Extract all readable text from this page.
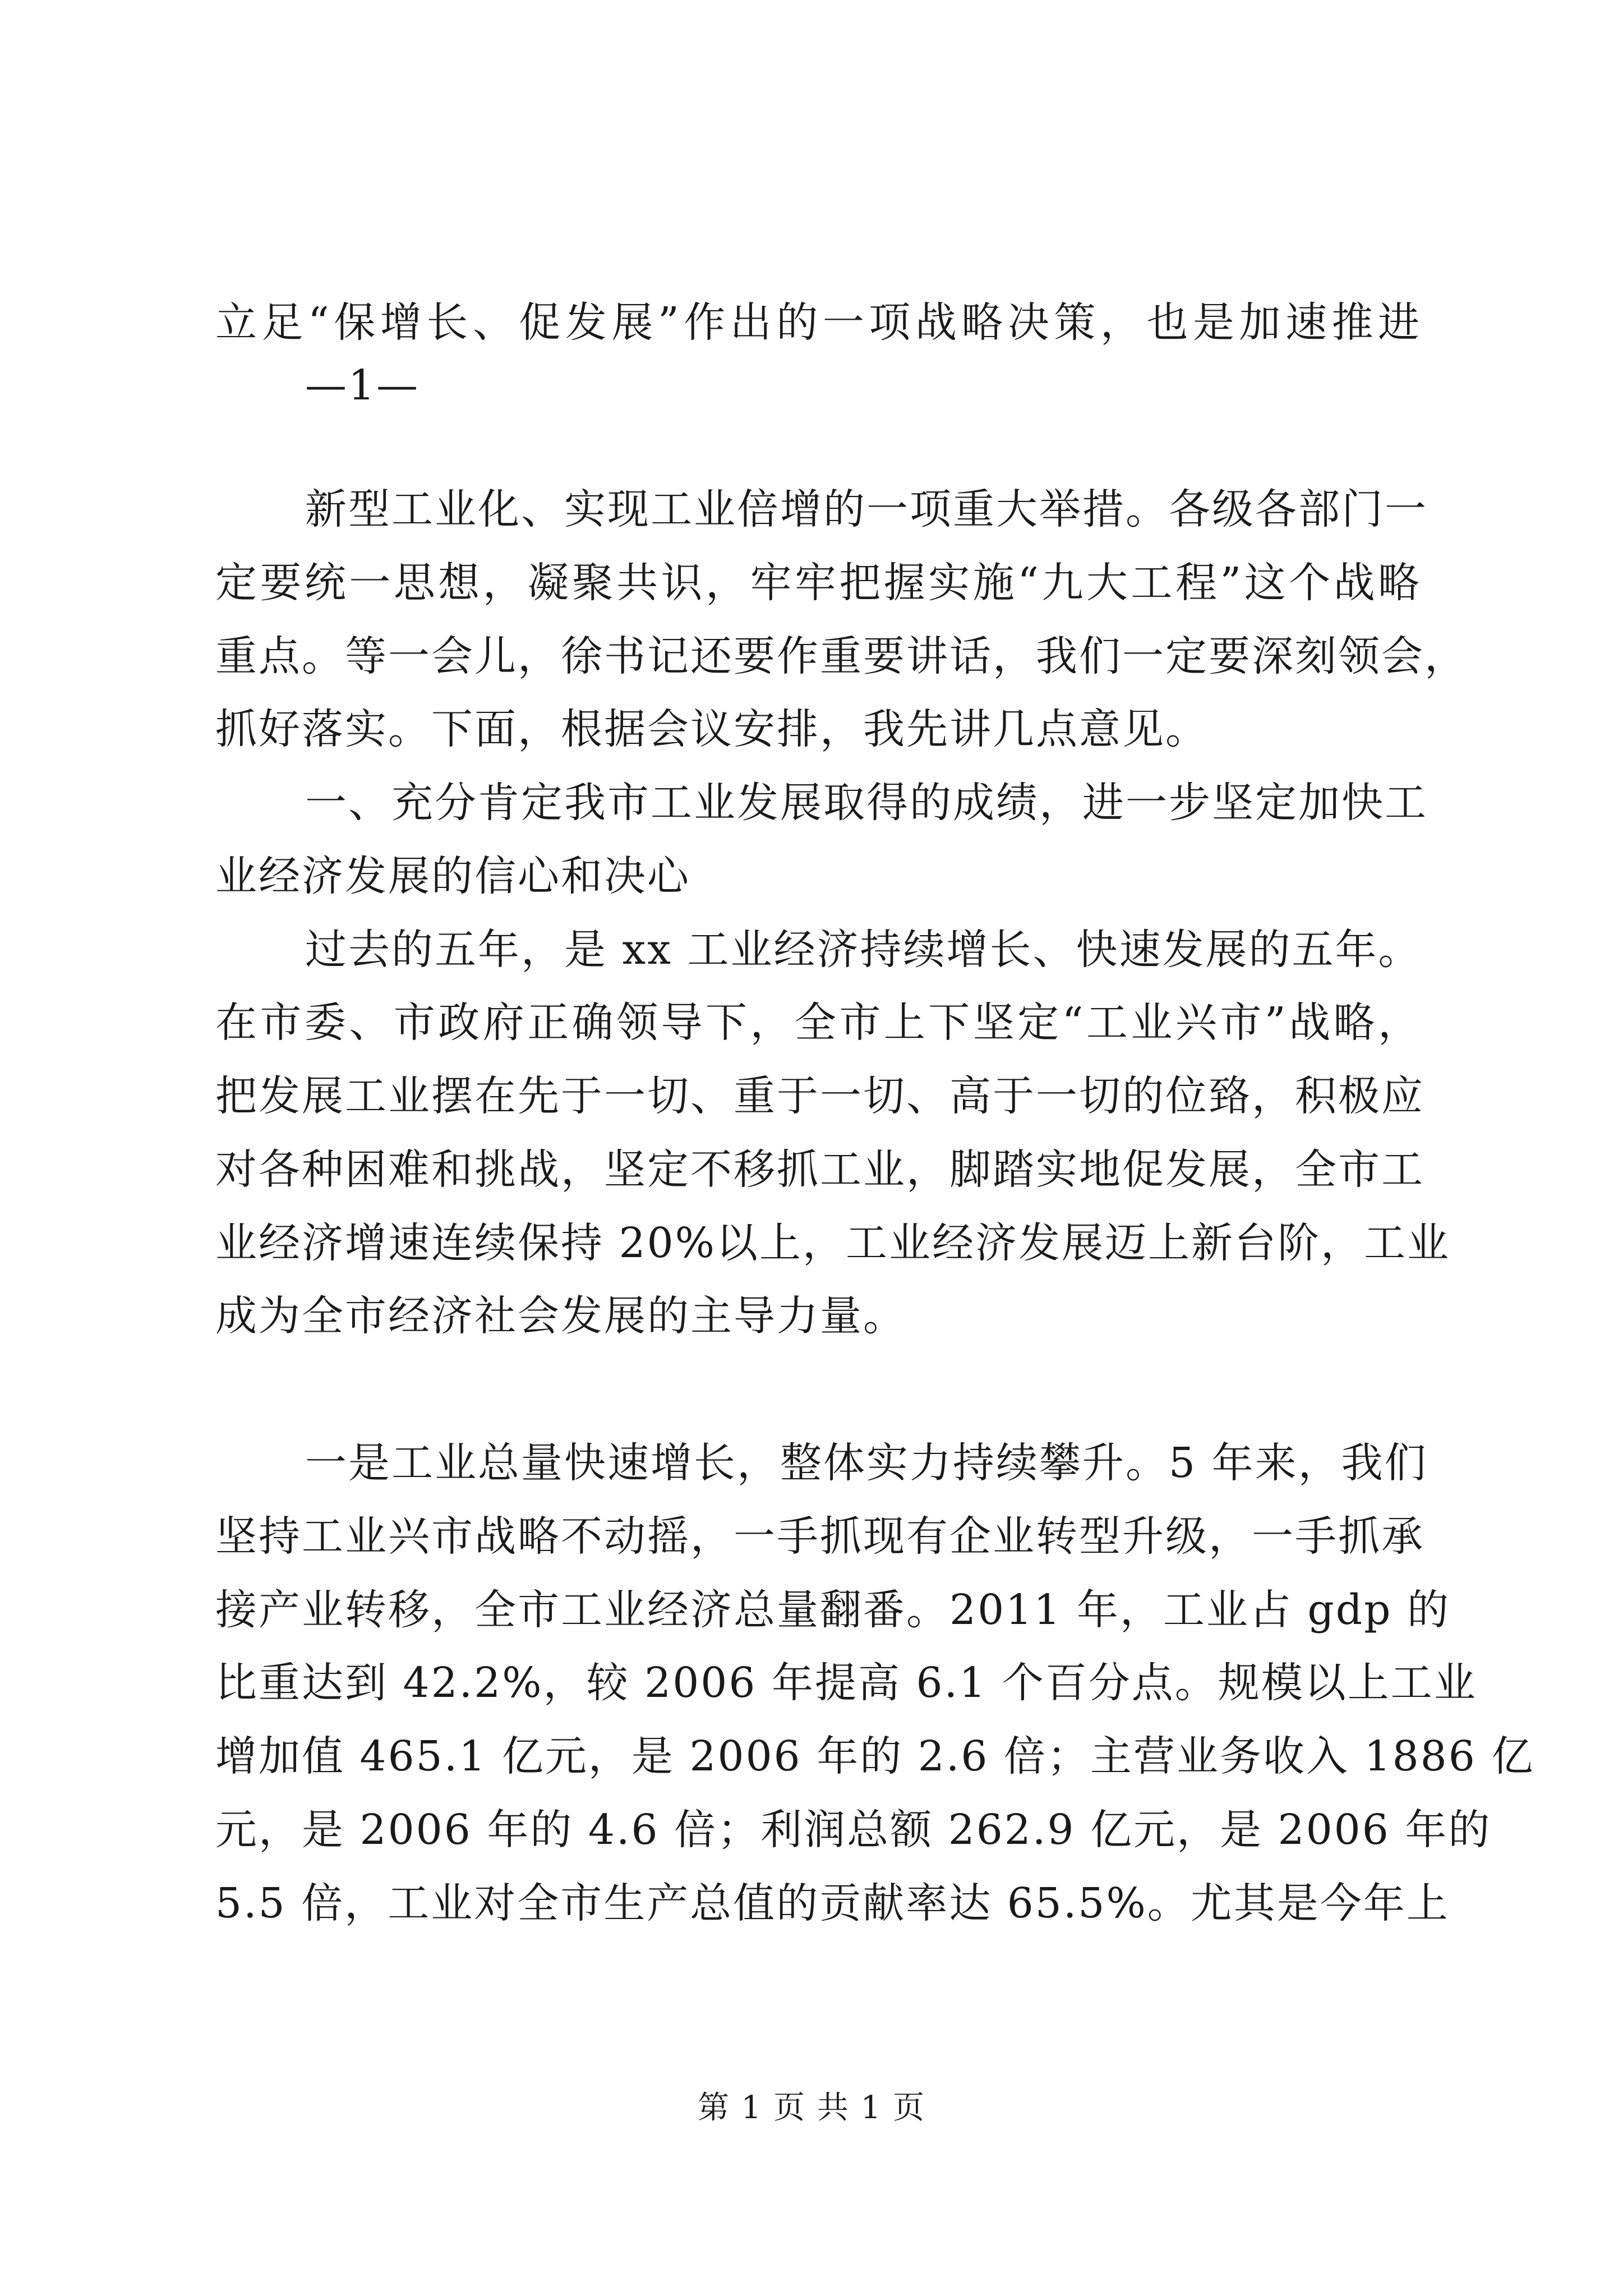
立足“保增长、促发展”作出的一项战略决策，也是加速推进
—1—
新型工业化、实现工业倍增的一项重大举措。各级各部门一
定要统一思想，凝聚共识，牢牢把握实施“九大工程”这个战略
重点。等一会儿，徐书记还要作重要讲话，我们一定要深刻领会，
抓好落实。下面，根据会议安排，我先讲几点意见。
一、充分肯定我市工业发展取得的成绩，进一步坚定加快工
业经济发展的信心和决心
过去的五年，是 xx 工业经济持续增长、快速发展的五年。
在市委、市政府正确领导下，全市上下坚定“工业兴市”战略，
把发展工业摆在先于一切、重于一切、高于一切的位臵，积极应
对各种困难和挑战，坚定不移抓工业，脚踏实地促发展，全市工
业经济增速连续保持 20%以上，工业经济发展迈上新台阶，工业
成为全市经济社会发展的主导力量。
一是工业总量快速增长，整体实力持续攀升。5 年来，我们
坚持工业兴市战略不动摇，一手抓现有企业转型升级，一手抓承
接产业转移，全市工业经济总量翻番。2011 年，工业占 gdp 的
比重达到 42.2%，较 2006 年提高 6.1 个百分点。规模以上工业
增加值 465.1 亿元，是 2006 年的 2.6 倍；主营业务收入 1886 亿
元，是 2006 年的 4.6 倍；利润总额 262.9 亿元，是 2006 年的
5.5 倍，工业对全市生产总值的贡献率达 65.5%。尤其是今年上
第 1 页 共 1 页
